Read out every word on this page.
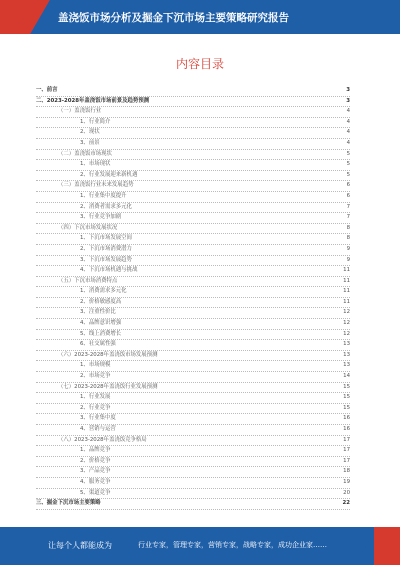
盖浇饭市场分析及掘金下沉市场主要策略研究报告
内容目录
一、前言	3
二、2023-2028年盖浇饭市场前景及趋势预测	3
（一）盖浇饭行业	4
1、行业简介	4
2、现状	4
3、前景	4
（二）盖浇饭市场现状	5
1、市场现状	5
2、行业发展迎来新机遇	5
（三）盖浇饭行业未来发展趋势	6
1、行业集中度提升	6
2、消费者需求多元化	7
3、行业竞争加剧	7
（四）下沉市场发展状况	8
1、下沉市场发展空间	8
2、下沉市场消费潜力	9
3、下沉市场发展趋势	9
4、下沉市场机遇与挑战	11
（五）下沉市场消费特点	11
1、消费需求多元化	11
2、价格敏感度高	11
3、注重性价比	12
4、品牌意识增强	12
5、线上消费增长	12
6、社交属性强	13
（六）2023-2028年盖浇饭市场发展预测	13
1、市场规模	13
2、市场竞争	14
（七）2023-2028年盖浇饭行业发展预测	15
1、行业发展	15
2、行业竞争	15
3、行业集中度	16
4、营销与运营	16
（八）2023-2028年盖浇饭竞争格局	17
1、品牌竞争	17
2、价格竞争	17
3、产品竞争	18
4、服务竞争	19
5、渠道竞争	20
三、掘金下沉市场主要策略	22
让每个人都能成为	行业专家，管理专家，营销专家，战略专家，成功企业家……
